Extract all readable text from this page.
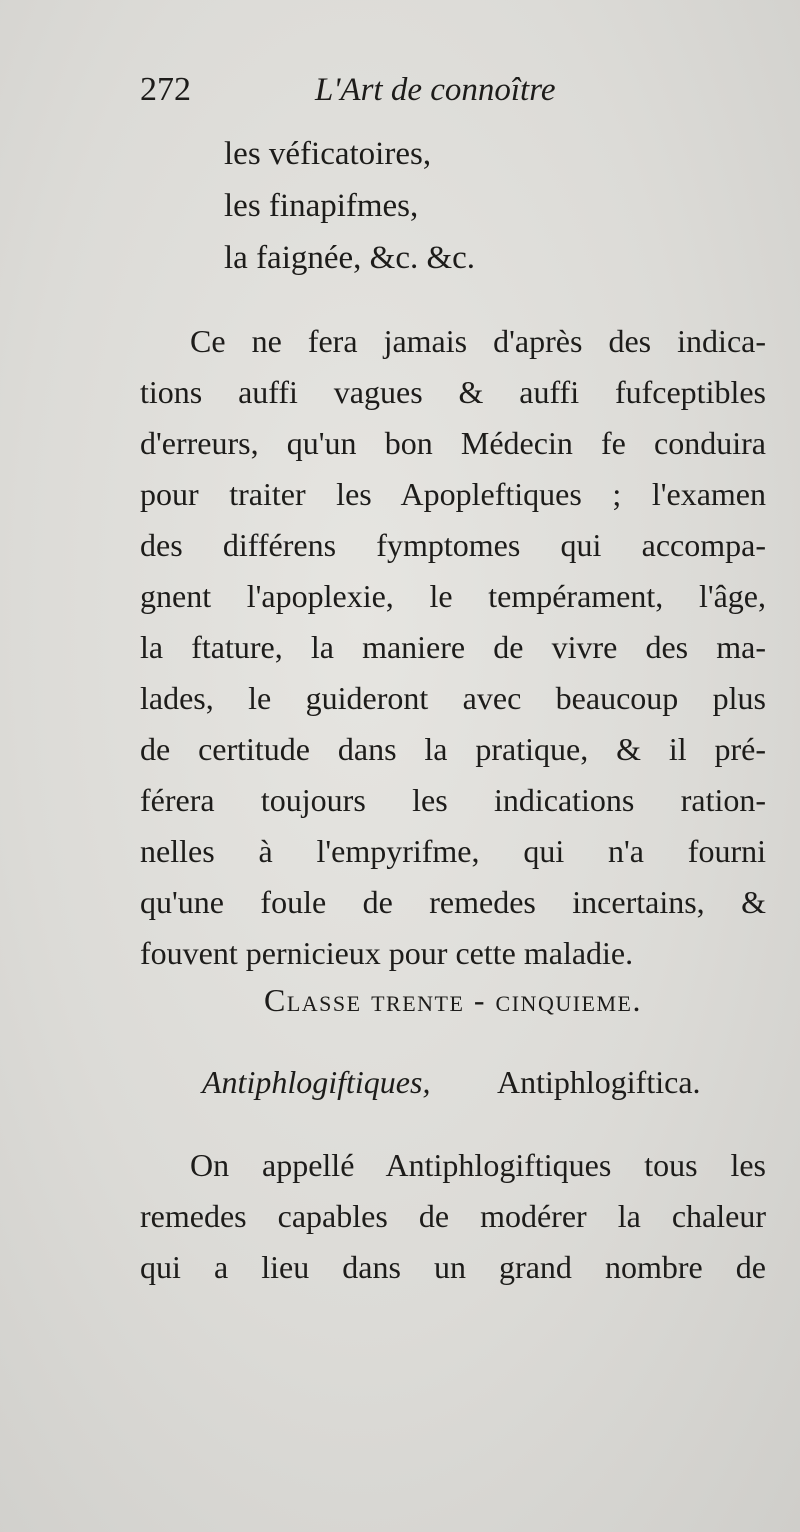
272	L'Art de connoître
les véficatoires,
les finapifmes,
la faignée, &c. &c.
Ce ne fera jamais d'après des indica-
tions auffi vagues & auffi fufceptibles
d'erreurs, qu'un bon Médecin fe conduira
pour traiter les Apopleftiques ; l'examen
des différens fymptomes qui accompa-
gnent l'apoplexie, le tempérament, l'âge,
la ftature, la maniere de vivre des ma-
lades, le guideront avec beaucoup plus
de certitude dans la pratique, & il pré-
férera toujours les indications ration-
nelles à l'empyrifme, qui n'a fourni
qu'une foule de remedes incertains, &
fouvent pernicieux pour cette maladie.
Classe trente - cinquieme.
Antiphlogiftiques, Antiphlogiftica.
On appellé Antiphlogiftiques tous les
remedes capables de modérer la chaleur
qui a lieu dans un grand nombre de
